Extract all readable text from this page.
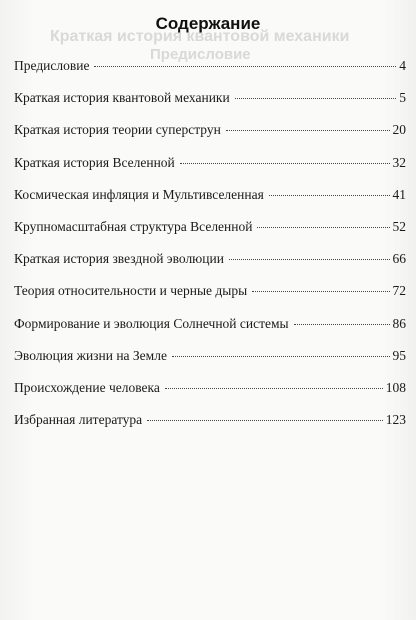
Краткая история квантовой механики
Предисловие
Содержание
Предисловие	4
Краткая история квантовой механики	5
Краткая история теории суперструн	20
Краткая история Вселенной	32
Космическая инфляция и Мультивселенная	41
Крупномасштабная структура Вселенной	52
Краткая история звездной эволюции	66
Теория относительности и черные дыры	72
Формирование и эволюция Солнечной системы	86
Эволюция жизни на Земле	95
Происхождение человека	108
Избранная литература	123
